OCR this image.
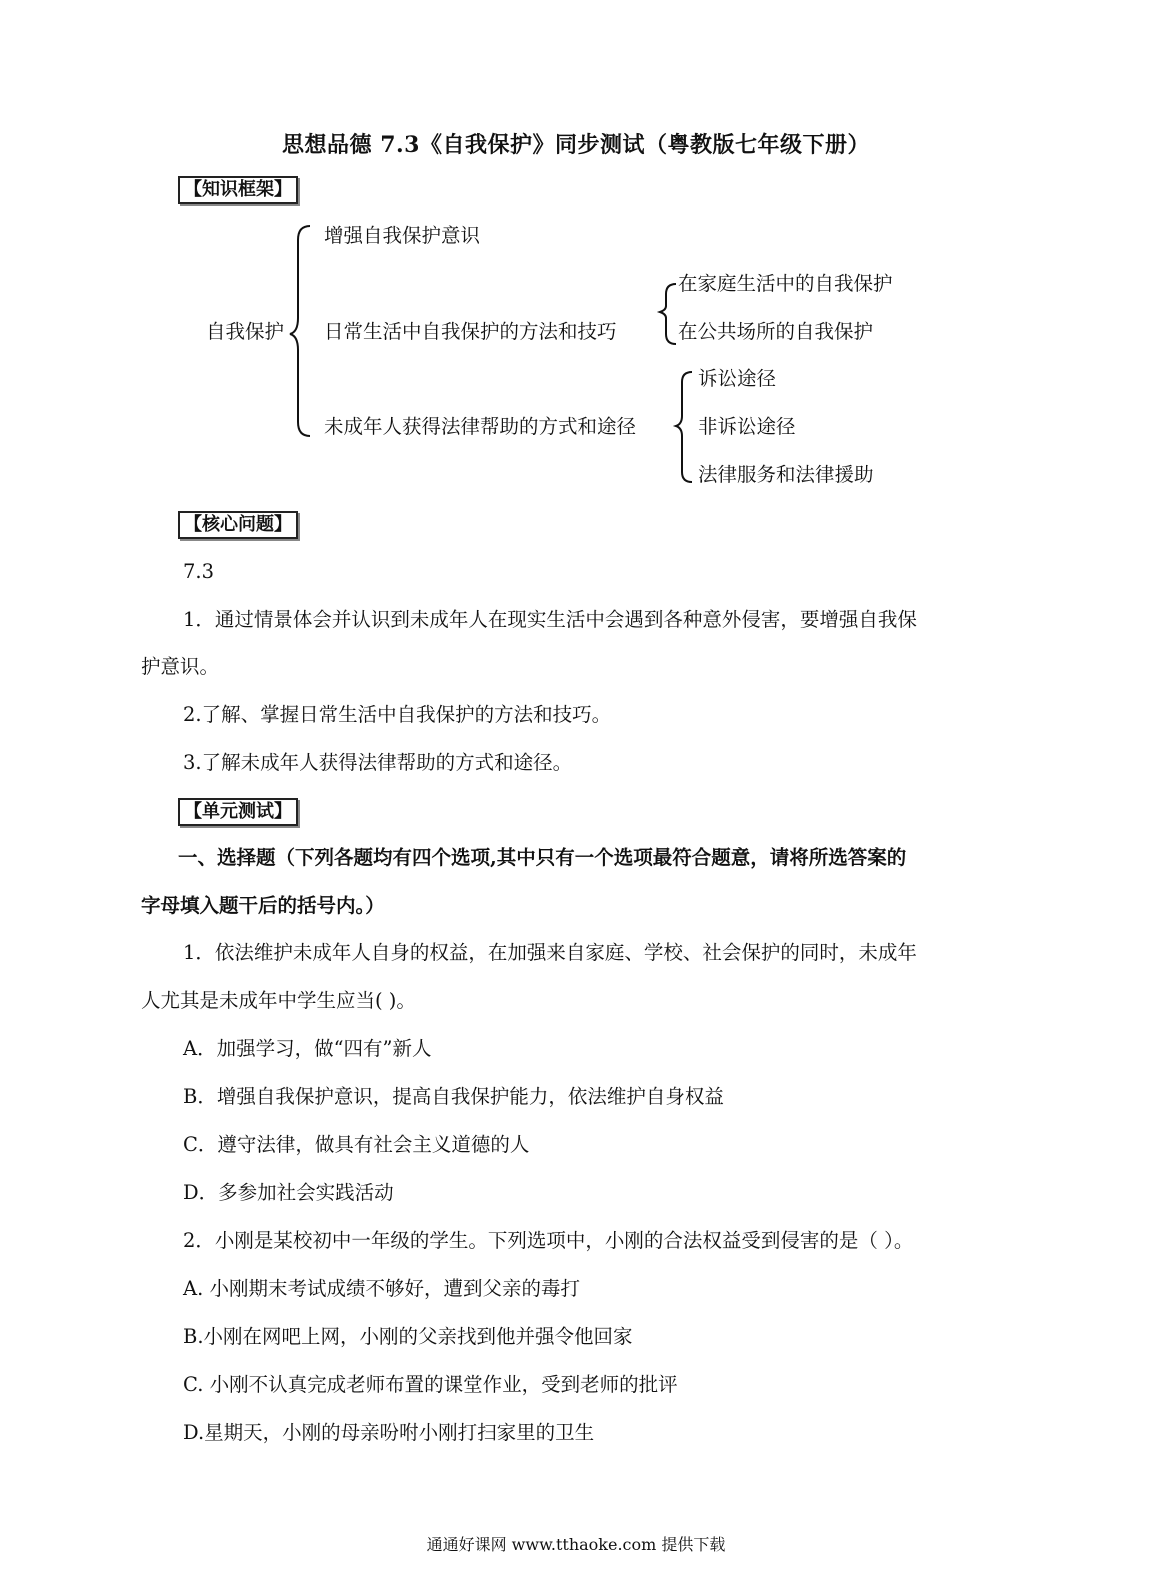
思想品德 7.3《自我保护》同步测试（粤教版七年级下册）
【知识框架】
自我保护
增强自我保护意识
日常生活中自我保护的方法和技巧
未成年人获得法律帮助的方式和途径
在家庭生活中的自我保护
在公共场所的自我保护
诉讼途径
非诉讼途径
法律服务和法律援助
【核心问题】
7.3
1．通过情景体会并认识到未成年人在现实生活中会遇到各种意外侵害，要增强自我保
护意识。
2.了解、掌握日常生活中自我保护的方法和技巧。
3.了解未成年人获得法律帮助的方式和途径。
【单元测试】
一、选择题（下列各题均有四个选项,其中只有一个选项最符合题意，请将所选答案的
字母填入题干后的括号内。）
1．依法维护未成年人自身的权益，在加强来自家庭、学校、社会保护的同时，未成年
人尤其是未成年中学生应当( )。
A．加强学习，做“四有”新人
B．增强自我保护意识，提高自我保护能力，依法维护自身权益
C．遵守法律，做具有社会主义道德的人
D．多参加社会实践活动
2．小刚是某校初中一年级的学生。下列选项中，小刚的合法权益受到侵害的是（ ）。
A. 小刚期末考试成绩不够好，遭到父亲的毒打
B.小刚在网吧上网，小刚的父亲找到他并强令他回家
C. 小刚不认真完成老师布置的课堂作业，受到老师的批评
D.星期天，小刚的母亲吩咐小刚打扫家里的卫生
通通好课网 www.tthaoke.com 提供下载
